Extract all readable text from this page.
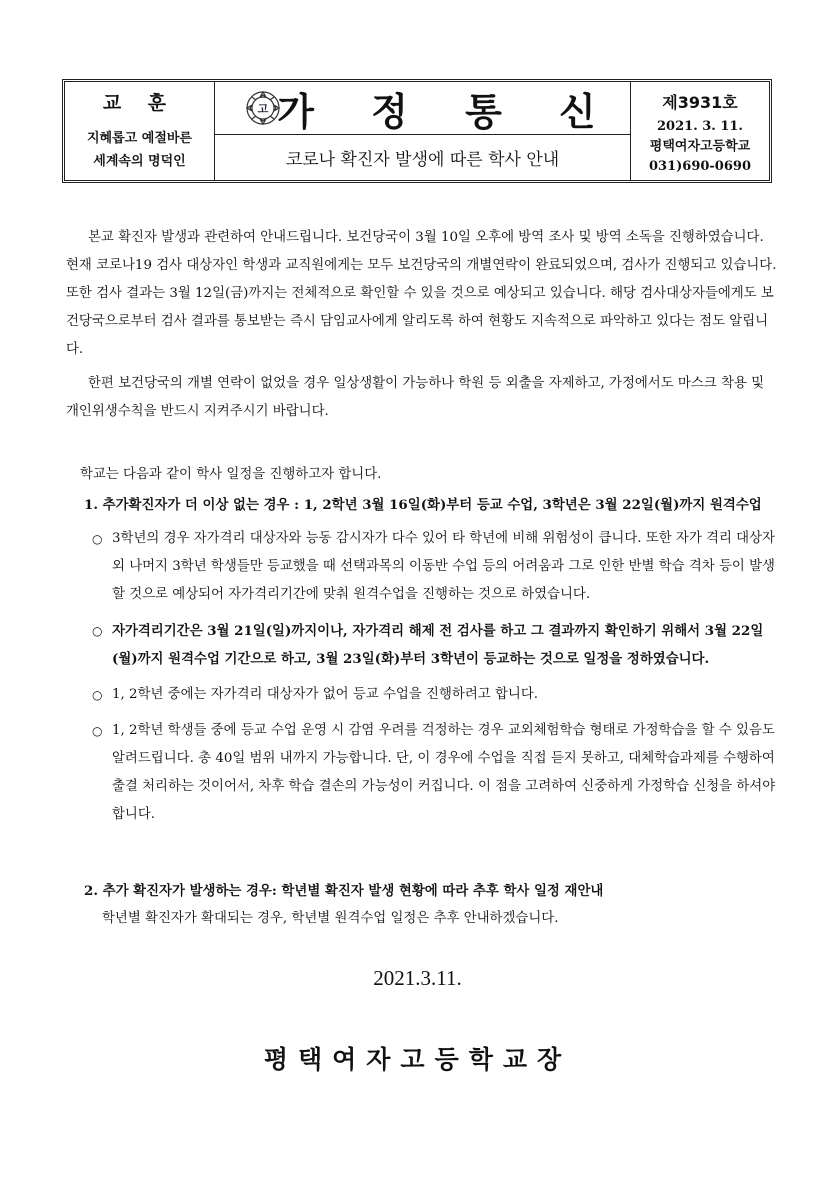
교 훈
지혜롭고 예절바른
세계속의 명덕인
고 가 정 통 신
코로나 확진자 발생에 따른 학사 안내
제3931호
2021. 3. 11.
평택여자고등학교
031)690-0690

본교 확진자 발생과 관련하여 안내드립니다. 보건당국이 3월 10일 오후에 방역 조사 및 방역 소독을 진행하였습니다. 현재 코로나19 검사 대상자인 학생과 교직원에게는 모두 보건당국의 개별연락이 완료되었으며, 검사가 진행되고 있습니다. 또한 검사 결과는 3월 12일(금)까지는 전체적으로 확인할 수 있을 것으로 예상되고 있습니다. 해당 검사대상자들에게도 보건당국으로부터 검사 결과를 통보받는 즉시 담임교사에게 알리도록 하여 현황도 지속적으로 파악하고 있다는 점도 알립니다.

한편 보건당국의 개별 연락이 없었을 경우 일상생활이 가능하나 학원 등 외출을 자제하고, 가정에서도 마스크 착용 및 개인위생수칙을 반드시 지켜주시기 바랍니다.

학교는 다음과 같이 학사 일정을 진행하고자 합니다.

1. 추가확진자가 더 이상 없는 경우 : 1, 2학년 3월 16일(화)부터 등교 수업, 3학년은 3월 22일(월)까지 원격수업

○ 3학년의 경우 자가격리 대상자와 능동 감시자가 다수 있어 타 학년에 비해 위험성이 큽니다. 또한 자가 격리 대상자 외 나머지 3학년 학생들만 등교했을 때 선택과목의 이동반 수업 등의 어려움과 그로 인한 반별 학습 격차 등이 발생할 것으로 예상되어 자가격리기간에 맞춰 원격수업을 진행하는 것으로 하였습니다.
○ 자가격리기간은 3월 21일(일)까지이나, 자가격리 해제 전 검사를 하고 그 결과까지 확인하기 위해서 3월 22일(월)까지 원격수업 기간으로 하고, 3월 23일(화)부터 3학년이 등교하는 것으로 일정을 정하였습니다.
○ 1, 2학년 중에는 자가격리 대상자가 없어 등교 수업을 진행하려고 합니다.
○ 1, 2학년 학생들 중에 등교 수업 운영 시 감염 우려를 걱정하는 경우 교외체험학습 형태로 가정학습을 할 수 있음도 알려드립니다. 총 40일 범위 내까지 가능합니다. 단, 이 경우에 수업을 직접 듣지 못하고, 대체학습과제를 수행하여 출결 처리하는 것이어서, 차후 학습 결손의 가능성이 커집니다. 이 점을 고려하여 신중하게 가정학습 신청을 하셔야 합니다.

2. 추가 확진자가 발생하는 경우: 학년별 확진자 발생 현황에 따라 추후 학사 일정 재안내

학년별 확진자가 확대되는 경우, 학년별 원격수업 일정은 추후 안내하겠습니다.

2021.3.11.
평택여자고등학교장
